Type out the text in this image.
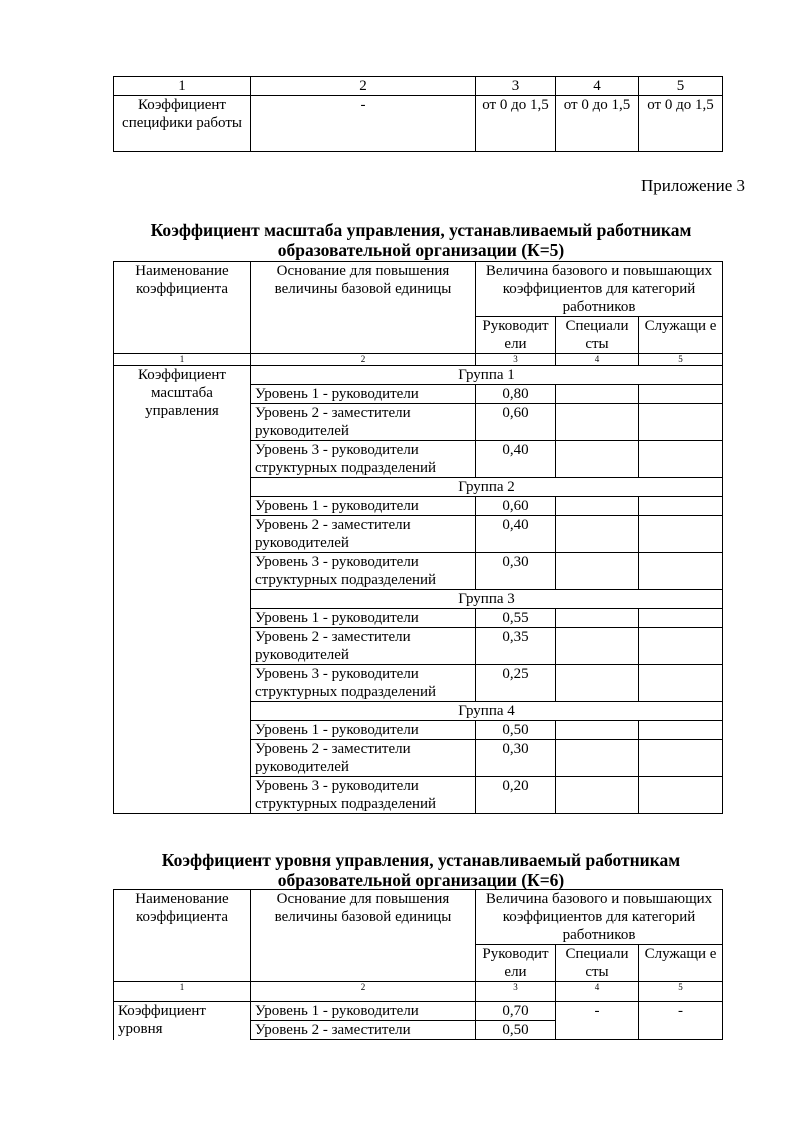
1	2	3	4	5
Коэффициент специфики работы	-	от 0 до 1,5	от 0 до 1,5	от 0 до 1,5
Приложение 3
Коэффициент масштаба управления, устанавливаемый работникам
образовательной организации (К=5)
Наименование коэффициента	Основание для повышения величины базовой единицы	Величина базового и повышающих коэффициентов для категорий работников		
		Руководит ели	Специали сты	Служащи е
1	2	3	4	5
Коэффициент масштаба управления	Группа 1			
	Уровень 1 - руководители	0,80		
	Уровень 2 - заместители руководителей	0,60		
	Уровень 3 - руководители структурных подразделений	0,40		
	Группа 2			
	Уровень 1 - руководители	0,60		
	Уровень 2 - заместители руководителей	0,40		
	Уровень 3 - руководители структурных подразделений	0,30		
	Группа 3			
	Уровень 1 - руководители	0,55		
	Уровень 2 - заместители руководителей	0,35		
	Уровень 3 - руководители структурных подразделений	0,25		
	Группа 4			
	Уровень 1 - руководители	0,50		
	Уровень 2 - заместители руководителей	0,30		
	Уровень 3 - руководители структурных подразделений	0,20		
Коэффициент уровня управления, устанавливаемый работникам
образовательной организации (К=6)
Наименование коэффициента	Основание для повышения величины базовой единицы	Величина базового и повышающих коэффициентов для категорий работников		
		Руководит ели	Специали сты	Служащи е
1	2	3	4	5
Коэффициент уровня	Уровень 1 - руководители	0,70	-	-
	Уровень 2 - заместители	0,50		
